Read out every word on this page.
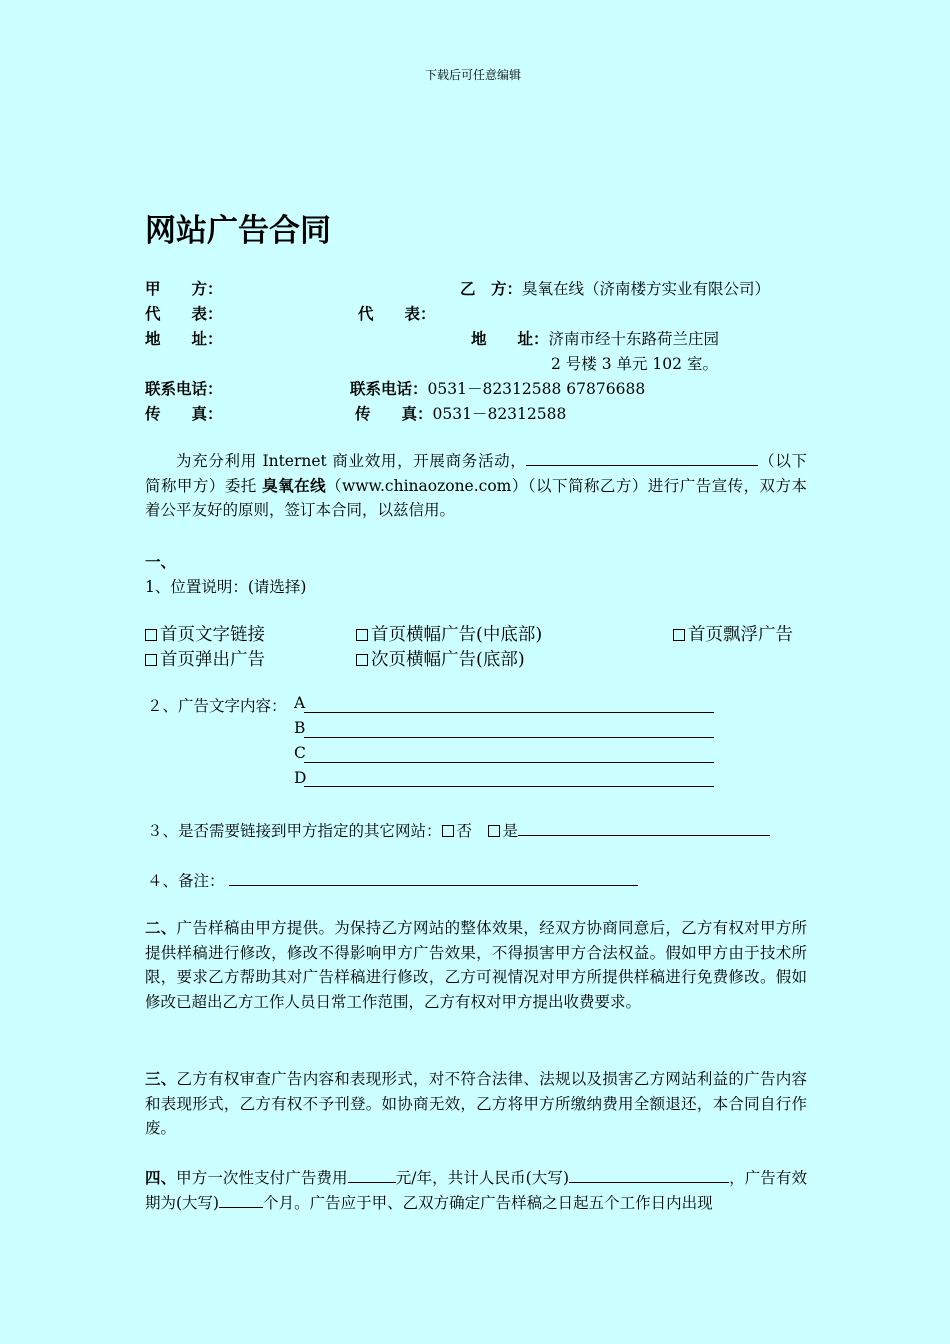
下载后可任意编辑
网站广告合同
甲　　方：	乙　方：臭氧在线（济南楼方实业有限公司）
代　　表：	代　　表：
地　　址：	地　　址：济南市经十东路荷兰庄园
2 号楼 3 单元 102 室。
联系电话：	联系电话：0531－82312588 67876688
传　　真：	传　　真：0531－82312588
为充分利用 Internet 商业效用，开展商务活动，	（以下简称甲方）委托 臭氧在线（www.chinaozone.com）（以下简称乙方）进行广告宣传，双方本着公平友好的原则，签订本合同，以兹信用。
一、
1、位置说明：(请选择)
首页文字链接	首页横幅广告(中底部)	首页飘浮广告
首页弹出广告	次页横幅广告(底部)
２、广告文字内容： A
B
C
D
３、是否需要链接到甲方指定的其它网站： 否　 是
４、备注：
二、广告样稿由甲方提供。为保持乙方网站的整体效果，经双方协商同意后，乙方有权对甲方所提供样稿进行修改，修改不得影响甲方广告效果，不得损害甲方合法权益。假如甲方由于技术所限，要求乙方帮助其对广告样稿进行修改，乙方可视情况对甲方所提供样稿进行免费修改。假如修改已超出乙方工作人员日常工作范围，乙方有权对甲方提出收费要求。
三、乙方有权审查广告内容和表现形式，对不符合法律、法规以及损害乙方网站利益的广告内容和表现形式，乙方有权不予刊登。如协商无效，乙方将甲方所缴纳费用全额退还，本合同自行作废。
四、甲方一次性支付广告费用	元/年，共计人民币(大写)	，广告有效期为(大写)	个月。广告应于甲、乙双方确定广告样稿之日起五个工作日内出现
